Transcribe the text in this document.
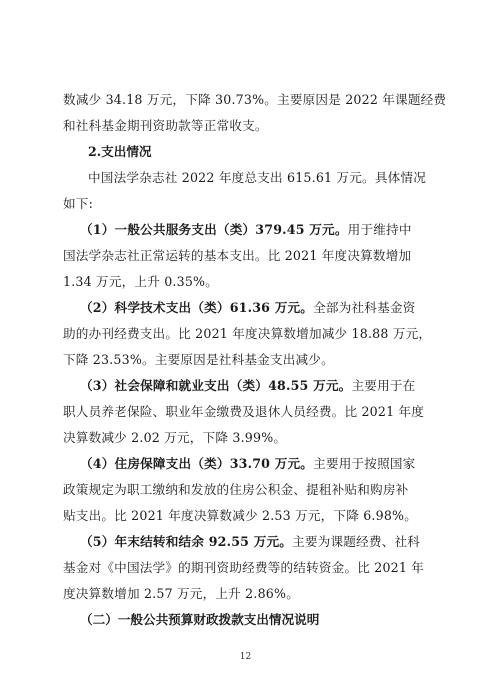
数减少 34.18 万元，下降 30.73%。主要原因是 2022 年课题经费
和社科基金期刊资助款等正常收支。
2.支出情况
中国法学杂志社 2022 年度总支出 615.61 万元。具体情况
如下:
（1）一般公共服务支出（类）379.45 万元。用于维持中
国法学杂志社正常运转的基本支出。比 2021 年度决算数增加
1.34 万元，上升 0.35%。
（2）科学技术支出（类）61.36 万元。全部为社科基金资
助的办刊经费支出。比 2021 年度决算数增加减少 18.88 万元，
下降 23.53%。主要原因是社科基金支出减少。
（3）社会保障和就业支出（类）48.55 万元。主要用于在
职人员养老保险、职业年金缴费及退休人员经费。比 2021 年度
决算数减少 2.02 万元，下降 3.99%。
（4）住房保障支出（类）33.70 万元。主要用于按照国家
政策规定为职工缴纳和发放的住房公积金、提租补贴和购房补
贴支出。比 2021 年度决算数减少 2.53 万元，下降 6.98%。
（5）年末结转和结余 92.55 万元。主要为课题经费、社科
基金对《中国法学》的期刊资助经费等的结转资金。比 2021 年
度决算数增加 2.57 万元，上升 2.86%。
（二）一般公共预算财政拨款支出情况说明
12
